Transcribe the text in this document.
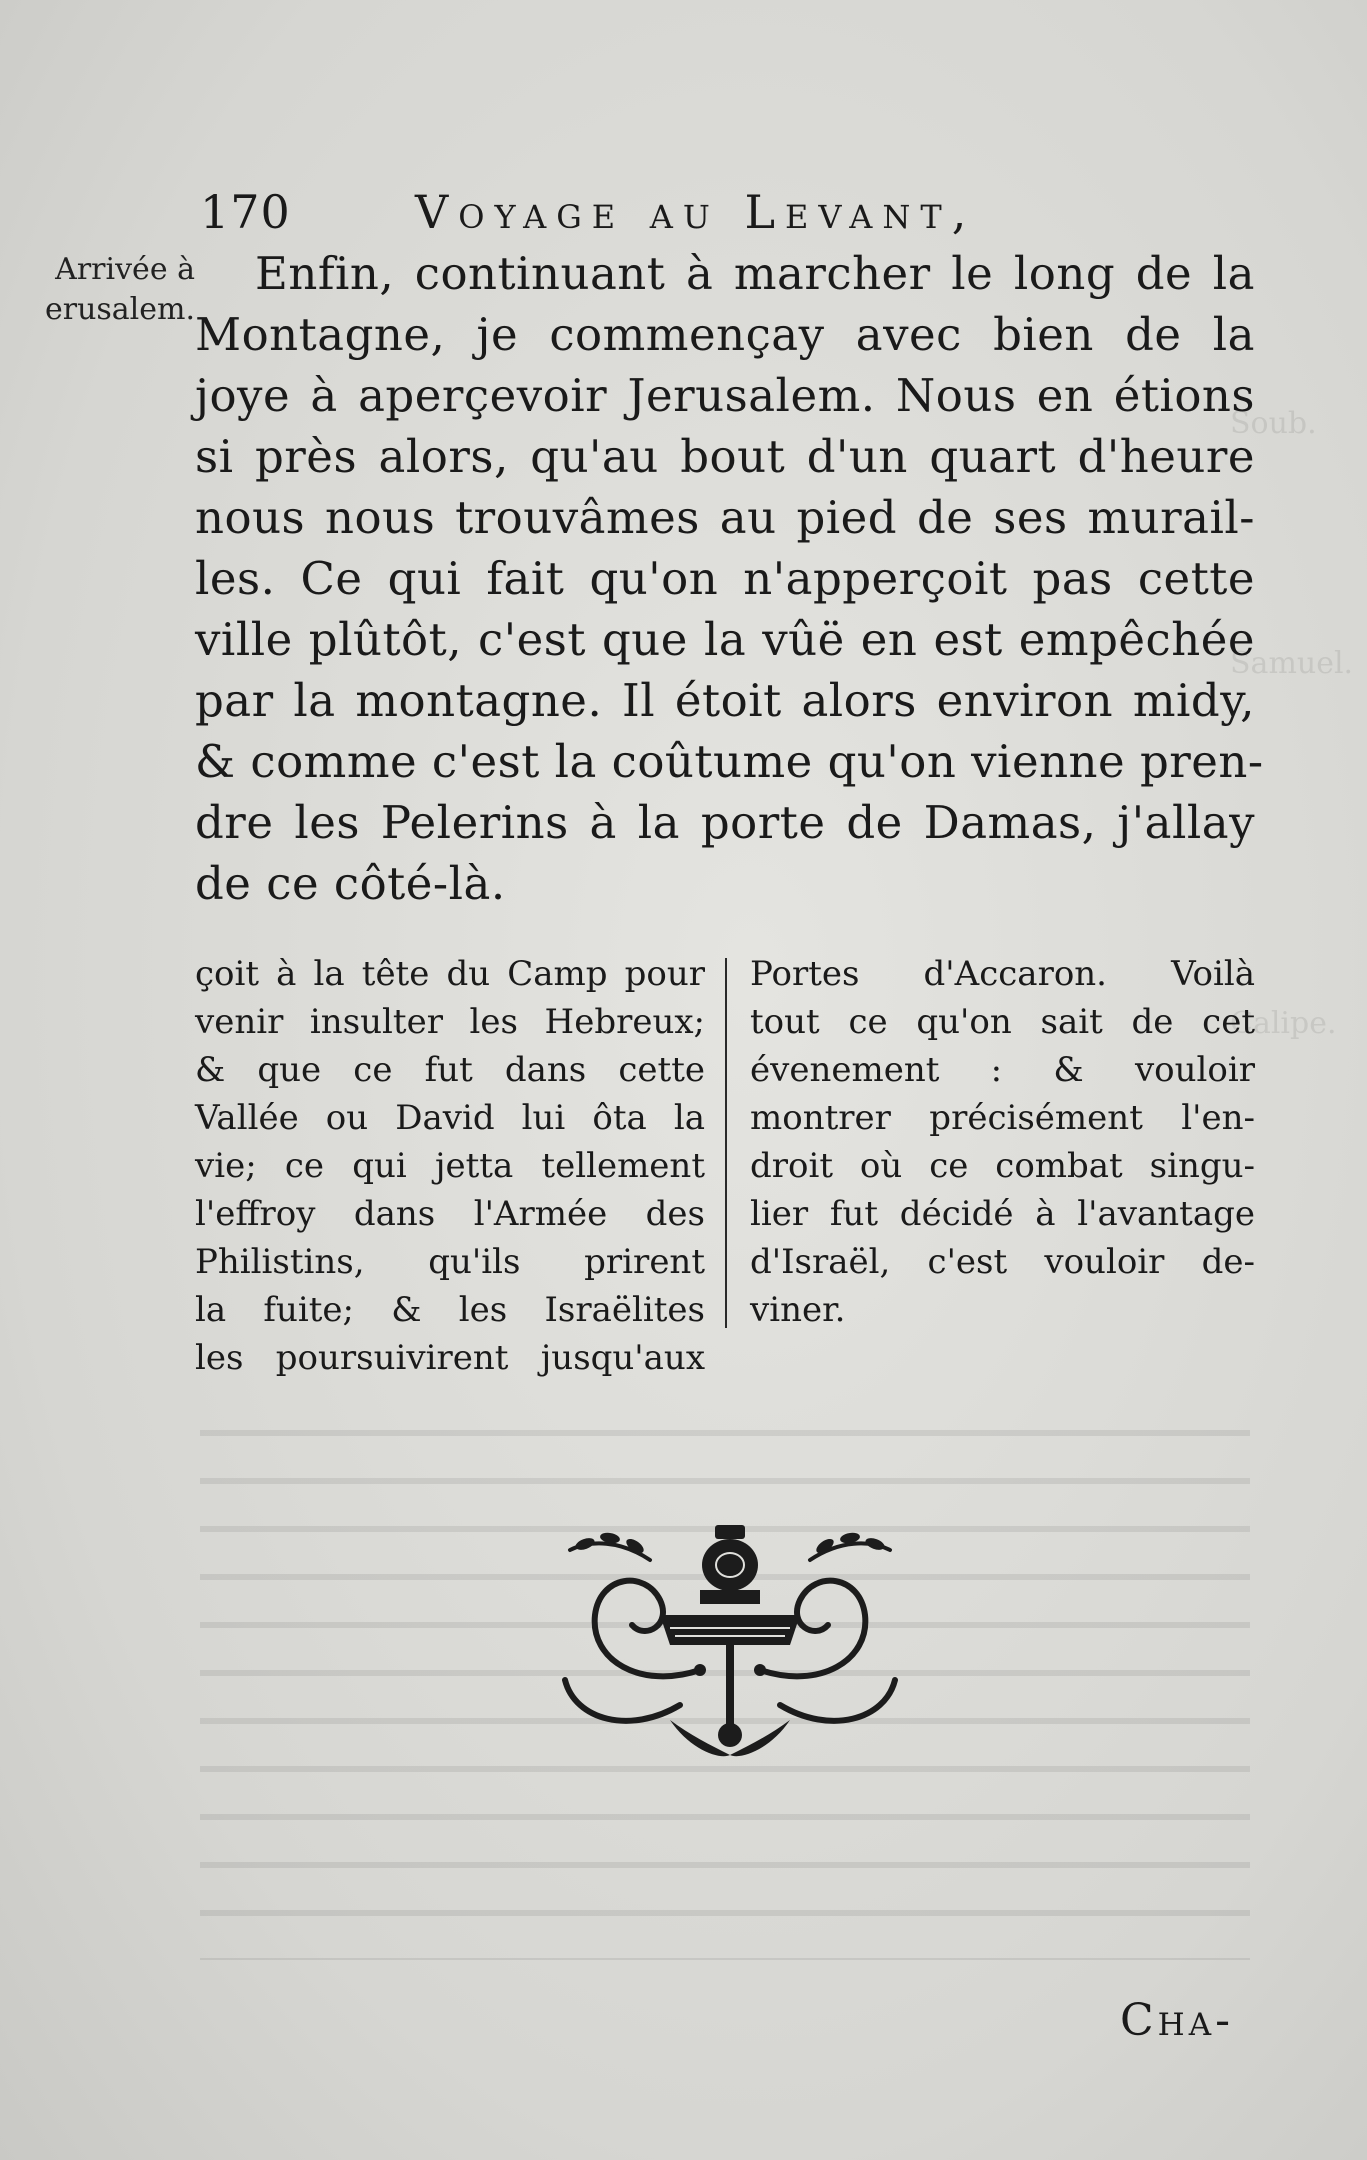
Soub.
Samuel.
Calipe.
170	Voyage au Levant,
Arrivée à
erusalem.
Enfin, continuant à marcher le long de la
Montagne, je commençay avec bien de la
joye à aperçevoir Jerusalem. Nous en étions
si près alors, qu'au bout d'un quart d'heure
nous nous trouvâmes au pied de ses murail-
les. Ce qui fait qu'on n'apperçoit pas cette
ville plûtôt, c'est que la vûë en est empêchée
par la montagne. Il étoit alors environ midy,
& comme c'est la coûtume qu'on vienne pren-
dre les Pelerins à la porte de Damas, j'allay
de ce côté-là.
çoit à la tête du Camp pour
venir insulter les Hebreux;
& que ce fut dans cette
Vallée ou David lui ôta la
vie; ce qui jetta tellement
l'effroy dans l'Armée des
Philistins, qu'ils prirent
la fuite; & les Israëlites
les poursuivirent jusqu'aux
Portes d'Accaron. Voilà
tout ce qu'on sait de cet
évenement : & vouloir
montrer précisément l'en-
droit où ce combat singu-
lier fut décidé à l'avantage
d'Israël, c'est vouloir de-
viner.
Cha-
